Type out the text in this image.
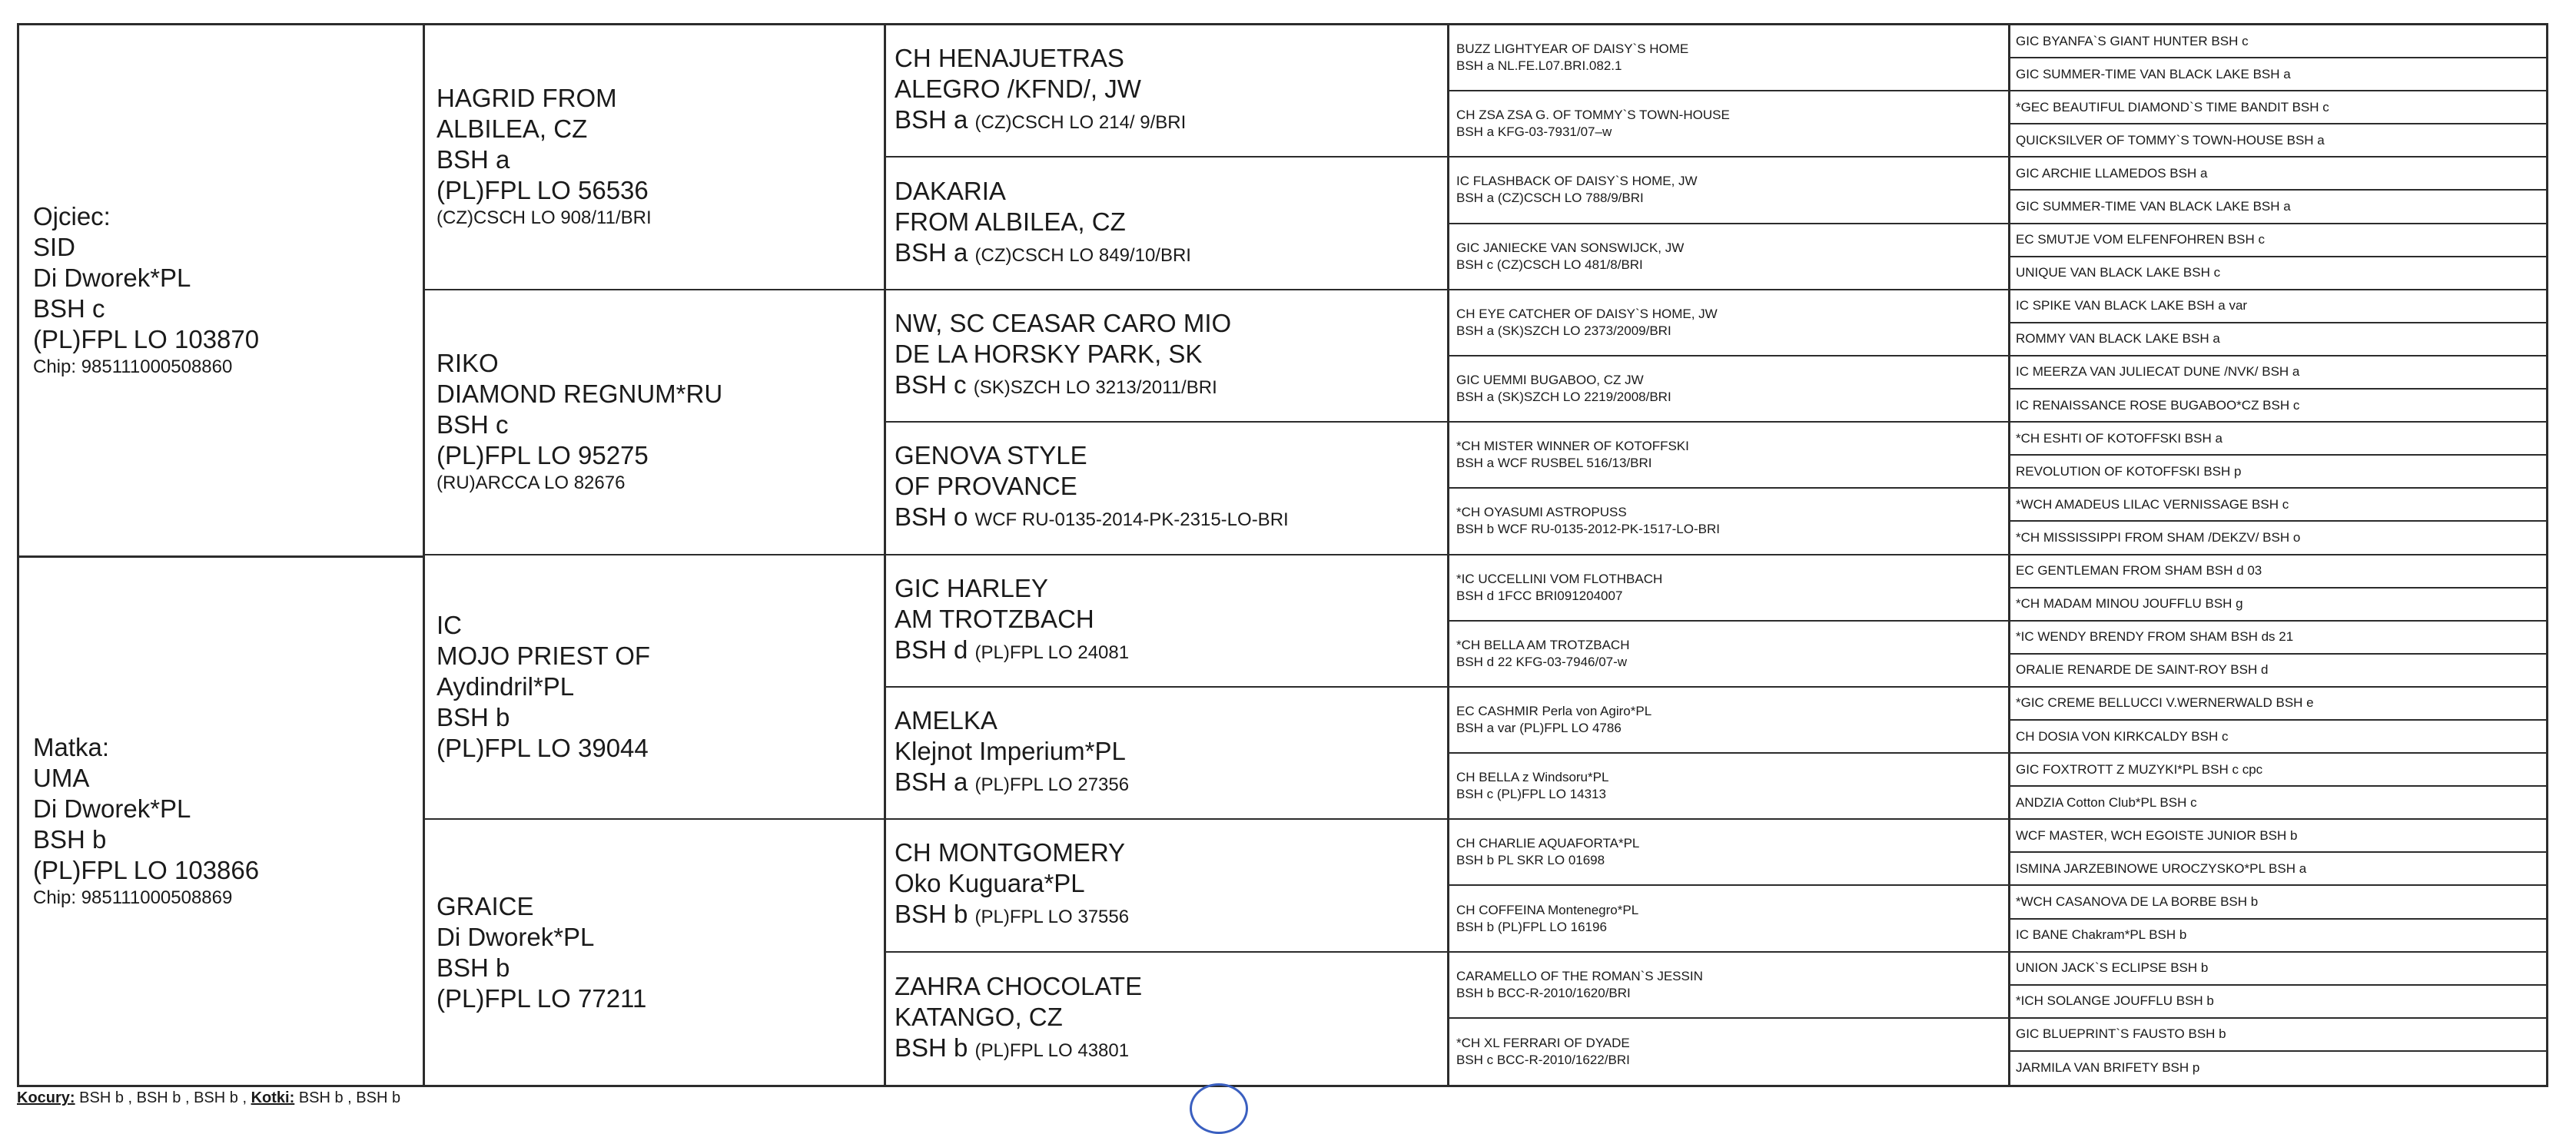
Ojciec:
SID
Di Dworek*PL
BSH c
(PL)FPL LO 103870
Chip: 985111000508860
Matka:
UMA
Di Dworek*PL
BSH b
(PL)FPL LO 103866
Chip: 985111000508869
HAGRID FROM
ALBILEA, CZ
BSH a
(PL)FPL LO 56536
(CZ)CSCH LO 908/11/BRI
RIKO
DIAMOND REGNUM*RU
BSH c
(PL)FPL LO 95275
(RU)ARCCA LO 82676
IC
MOJO PRIEST OF
Aydindril*PL
BSH b
(PL)FPL LO 39044
GRAICE
Di Dworek*PL
BSH b
(PL)FPL LO 77211
CH HENAJUETRAS
ALEGRO /KFND/, JW
BSH a (CZ)CSCH LO 214/ 9/BRI
DAKARIA
FROM ALBILEA, CZ
BSH a (CZ)CSCH LO 849/10/BRI
NW, SC CEASAR CARO MIO
DE LA HORSKY PARK, SK
BSH c (SK)SZCH LO 3213/2011/BRI
GENOVA STYLE
OF PROVANCE
BSH o WCF RU-0135-2014-PK-2315-LO-BRI
GIC HARLEY
AM TROTZBACH
BSH d (PL)FPL LO 24081
AMELKA
Klejnot Imperium*PL
BSH a (PL)FPL LO 27356
CH MONTGOMERY
Oko Kuguara*PL
BSH b (PL)FPL LO 37556
ZAHRA CHOCOLATE
KATANGO, CZ
BSH b (PL)FPL LO 43801
BUZZ LIGHTYEAR OF DAISY`S HOME
BSH a NL.FE.L07.BRI.082.1
CH ZSA ZSA G. OF TOMMY`S TOWN-HOUSE
BSH a KFG-03-7931/07–w
IC FLASHBACK OF DAISY`S HOME, JW
BSH a (CZ)CSCH LO 788/9/BRI
GIC JANIECKE VAN SONSWIJCK, JW
BSH c (CZ)CSCH LO 481/8/BRI
CH EYE CATCHER OF DAISY`S HOME, JW
BSH a (SK)SZCH LO 2373/2009/BRI
GIC UEMMI BUGABOO, CZ JW
BSH a (SK)SZCH LO 2219/2008/BRI
*CH MISTER WINNER OF KOTOFFSKI
BSH a WCF RUSBEL 516/13/BRI
*CH OYASUMI ASTROPUSS
BSH b WCF RU-0135-2012-PK-1517-LO-BRI
*IC UCCELLINI VOM FLOTHBACH
BSH d 1FCC BRI091204007
*CH BELLA AM TROTZBACH
BSH d 22 KFG-03-7946/07-w
EC CASHMIR Perla von Agiro*PL
BSH a var (PL)FPL LO 4786
CH BELLA z Windsoru*PL
BSH c (PL)FPL LO 14313
CH CHARLIE AQUAFORTA*PL
BSH b PL SKR LO 01698
CH COFFEINA Montenegro*PL
BSH b (PL)FPL LO 16196
CARAMELLO OF THE ROMAN`S JESSIN
BSH b BCC-R-2010/1620/BRI
*CH XL FERRARI OF DYADE
BSH c BCC-R-2010/1622/BRI
GIC BYANFA`S GIANT HUNTER BSH c
GIC SUMMER-TIME VAN BLACK LAKE BSH a
*GEC BEAUTIFUL DIAMOND`S TIME BANDIT BSH c
QUICKSILVER OF TOMMY`S TOWN-HOUSE BSH a
GIC ARCHIE LLAMEDOS BSH a
GIC SUMMER-TIME VAN BLACK LAKE BSH a
EC SMUTJE VOM ELFENFOHREN BSH c
UNIQUE VAN BLACK LAKE BSH c
IC SPIKE VAN BLACK LAKE BSH a var
ROMMY VAN BLACK LAKE BSH a
IC MEERZA VAN JULIECAT DUNE /NVK/ BSH a
IC RENAISSANCE ROSE BUGABOO*CZ BSH c
*CH ESHTI OF KOTOFFSKI BSH a
REVOLUTION OF KOTOFFSKI BSH p
*WCH AMADEUS LILAC VERNISSAGE BSH c
*CH MISSISSIPPI FROM SHAM /DEKZV/ BSH o
EC GENTLEMAN FROM SHAM BSH d 03
*CH MADAM MINOU JOUFFLU BSH g
*IC WENDY BRENDY FROM SHAM BSH ds 21
ORALIE RENARDE DE SAINT-ROY BSH d
*GIC CREME BELLUCCI V.WERNERWALD BSH e
CH DOSIA VON KIRKCALDY BSH c
GIC FOXTROTT Z MUZYKI*PL BSH c cpc
ANDZIA Cotton Club*PL BSH c
WCF MASTER, WCH EGOISTE JUNIOR BSH b
ISMINA JARZEBINOWE UROCZYSKO*PL BSH a
*WCH CASANOVA DE LA BORBE BSH b
IC BANE Chakram*PL BSH b
UNION JACK`S ECLIPSE BSH b
*ICH SOLANGE JOUFFLU BSH b
GIC BLUEPRINT`S FAUSTO BSH b
JARMILA VAN BRIFETY BSH p
Kocury: BSH b , BSH b , BSH b , Kotki: BSH b , BSH b
